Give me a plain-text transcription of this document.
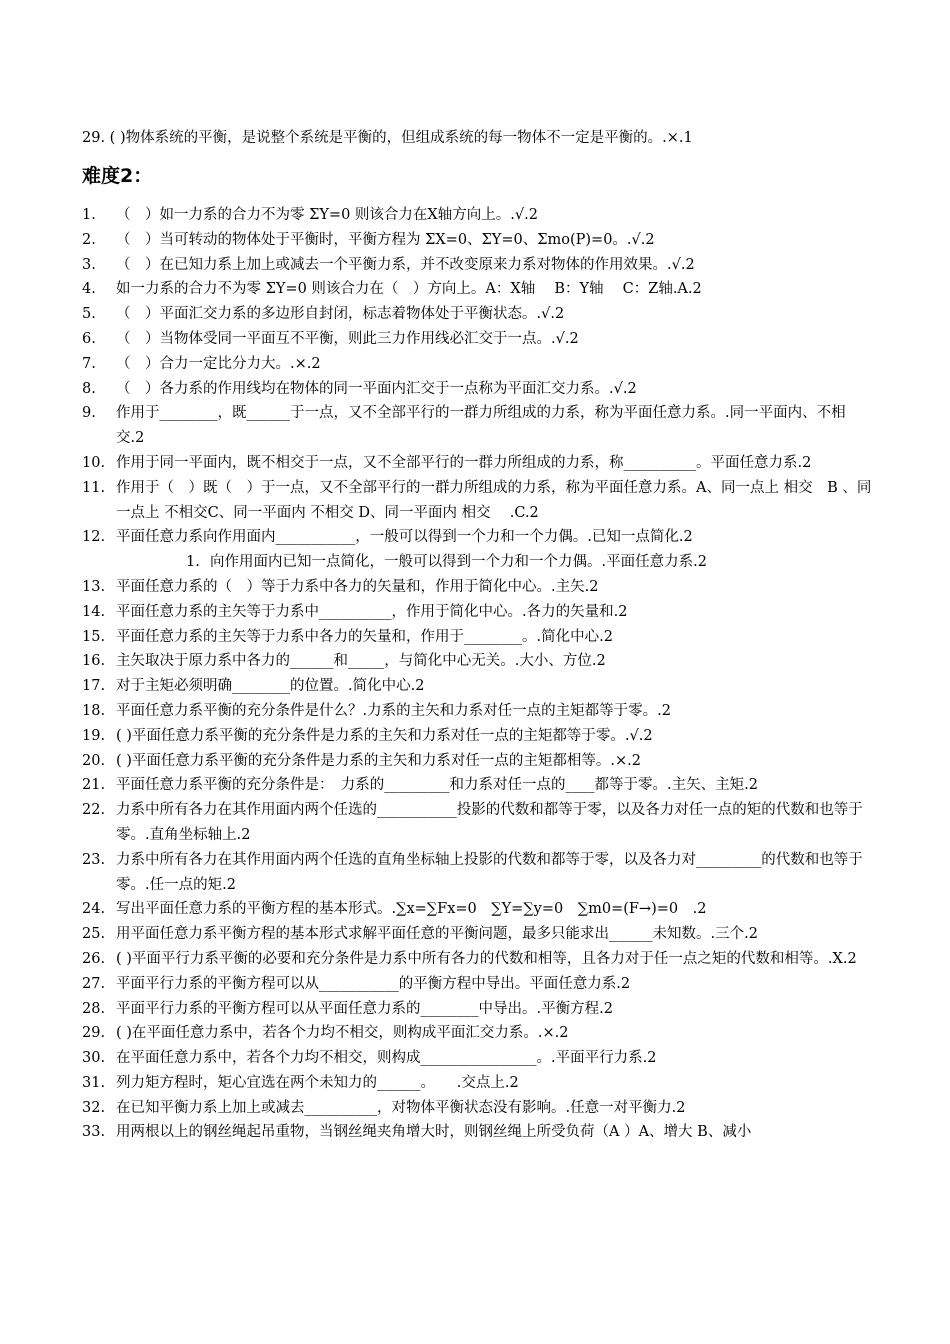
29. ( )物体系统的平衡，是说整个系统是平衡的，但组成系统的每一物体不一定是平衡的。.×.1
难度2：
1.	（　）如一力系的合力不为零 ΣY=0 则该合力在X轴方向上。.√.2
2.	（　）当可转动的物体处于平衡时，平衡方程为 ΣX=0、ΣY=0、Σmo(P)=0。.√.2
3.	（　）在已知力系上加上或减去一个平衡力系，并不改变原来力系对物体的作用效果。.√.2
4.	如一力系的合力不为零 ΣY=0 则该合力在（　）方向上。A：X轴　 B：Y轴　 C：Z轴.A.2
5.	（　）平面汇交力系的多边形自封闭，标志着物体处于平衡状态。.√.2
6.	（　）当物体受同一平面互不平衡，则此三力作用线必汇交于一点。.√.2
7.	（　）合力一定比分力大。.×.2
8.	（　）各力系的作用线均在物体的同一平面内汇交于一点称为平面汇交力系。.√.2
9.	作用于________，既______于一点，又不全部平行的一群力所组成的力系，称为平面任意力系。.同一平面内、不相交.2
10. 作用于同一平面内，既不相交于一点，又不全部平行的一群力所组成的力系，称__________。平面任意力系.2
11. 作用于（　）既（　）于一点，又不全部平行的一群力所组成的力系，称为平面任意力系。A、同一点上 相交　B 、同一点上 不相交C、同一平面内 不相交 D、同一平面内 相交　 .C.2
12. 平面任意力系向作用面内___________，一般可以得到一个力和一个力偶。.已知一点简化.2
1. 向作用面内已知一点简化，一般可以得到一个力和一个力偶。.平面任意力系.2
13. 平面任意力系的（　）等于力系中各力的矢量和，作用于简化中心。.主矢.2
14. 平面任意力系的主矢等于力系中__________，作用于简化中心。.各力的矢量和.2
15. 平面任意力系的主矢等于力系中各力的矢量和，作用于________。.简化中心.2
16. 主矢取决于原力系中各力的______和_____，与简化中心无关。.大小、方位.2
17. 对于主矩必须明确________的位置。.简化中心.2
18. 平面任意力系平衡的充分条件是什么？.力系的主矢和力系对任一点的主矩都等于零。.2
19. ( )平面任意力系平衡的充分条件是力系的主矢和力系对任一点的主矩都等于零。.√.2
20. ( )平面任意力系平衡的充分条件是力系的主矢和力系对任一点的主矩都相等。.×.2
21. 平面任意力系平衡的充分条件是：　力系的_________和力系对任一点的____都等于零。.主矢、主矩.2
22. 力系中所有各力在其作用面内两个任选的___________投影的代数和都等于零，以及各力对任一点的矩的代数和也等于零。.直角坐标轴上.2
23. 力系中所有各力在其作用面内两个任选的直角坐标轴上投影的代数和都等于零，以及各力对_________的代数和也等于零。.任一点的矩.2
24. 写出平面任意力系的平衡方程的基本形式。.∑x=∑Fx=0　∑Y=∑y=0　∑m0=(F→)=0　.2
25. 用平面任意力系平衡方程的基本形式求解平面任意的平衡问题，最多只能求出______未知数。.三个.2
26. ( )平面平行力系平衡的必要和充分条件是力系中所有各力的代数和相等，且各力对于任一点之矩的代数和相等。.X.2
27. 平面平行力系的平衡方程可以从___________的平衡方程中导出。平面任意力系.2
28. 平面平行力系的平衡方程可以从平面任意力系的________中导出。.平衡方程.2
29. ( )在平面任意力系中，若各个力均不相交，则构成平面汇交力系。.×.2
30. 在平面任意力系中，若各个力均不相交，则构成________________。.平面平行力系.2
31. 列力矩方程时，矩心宜选在两个未知力的______。　　.交点上.2
32. 在已知平衡力系上加上或减去__________，对物体平衡状态没有影响。.任意一对平衡力.2
33. 用两根以上的钢丝绳起吊重物，当钢丝绳夹角增大时，则钢丝绳上所受负荷（A ）A、增大 B、减小
